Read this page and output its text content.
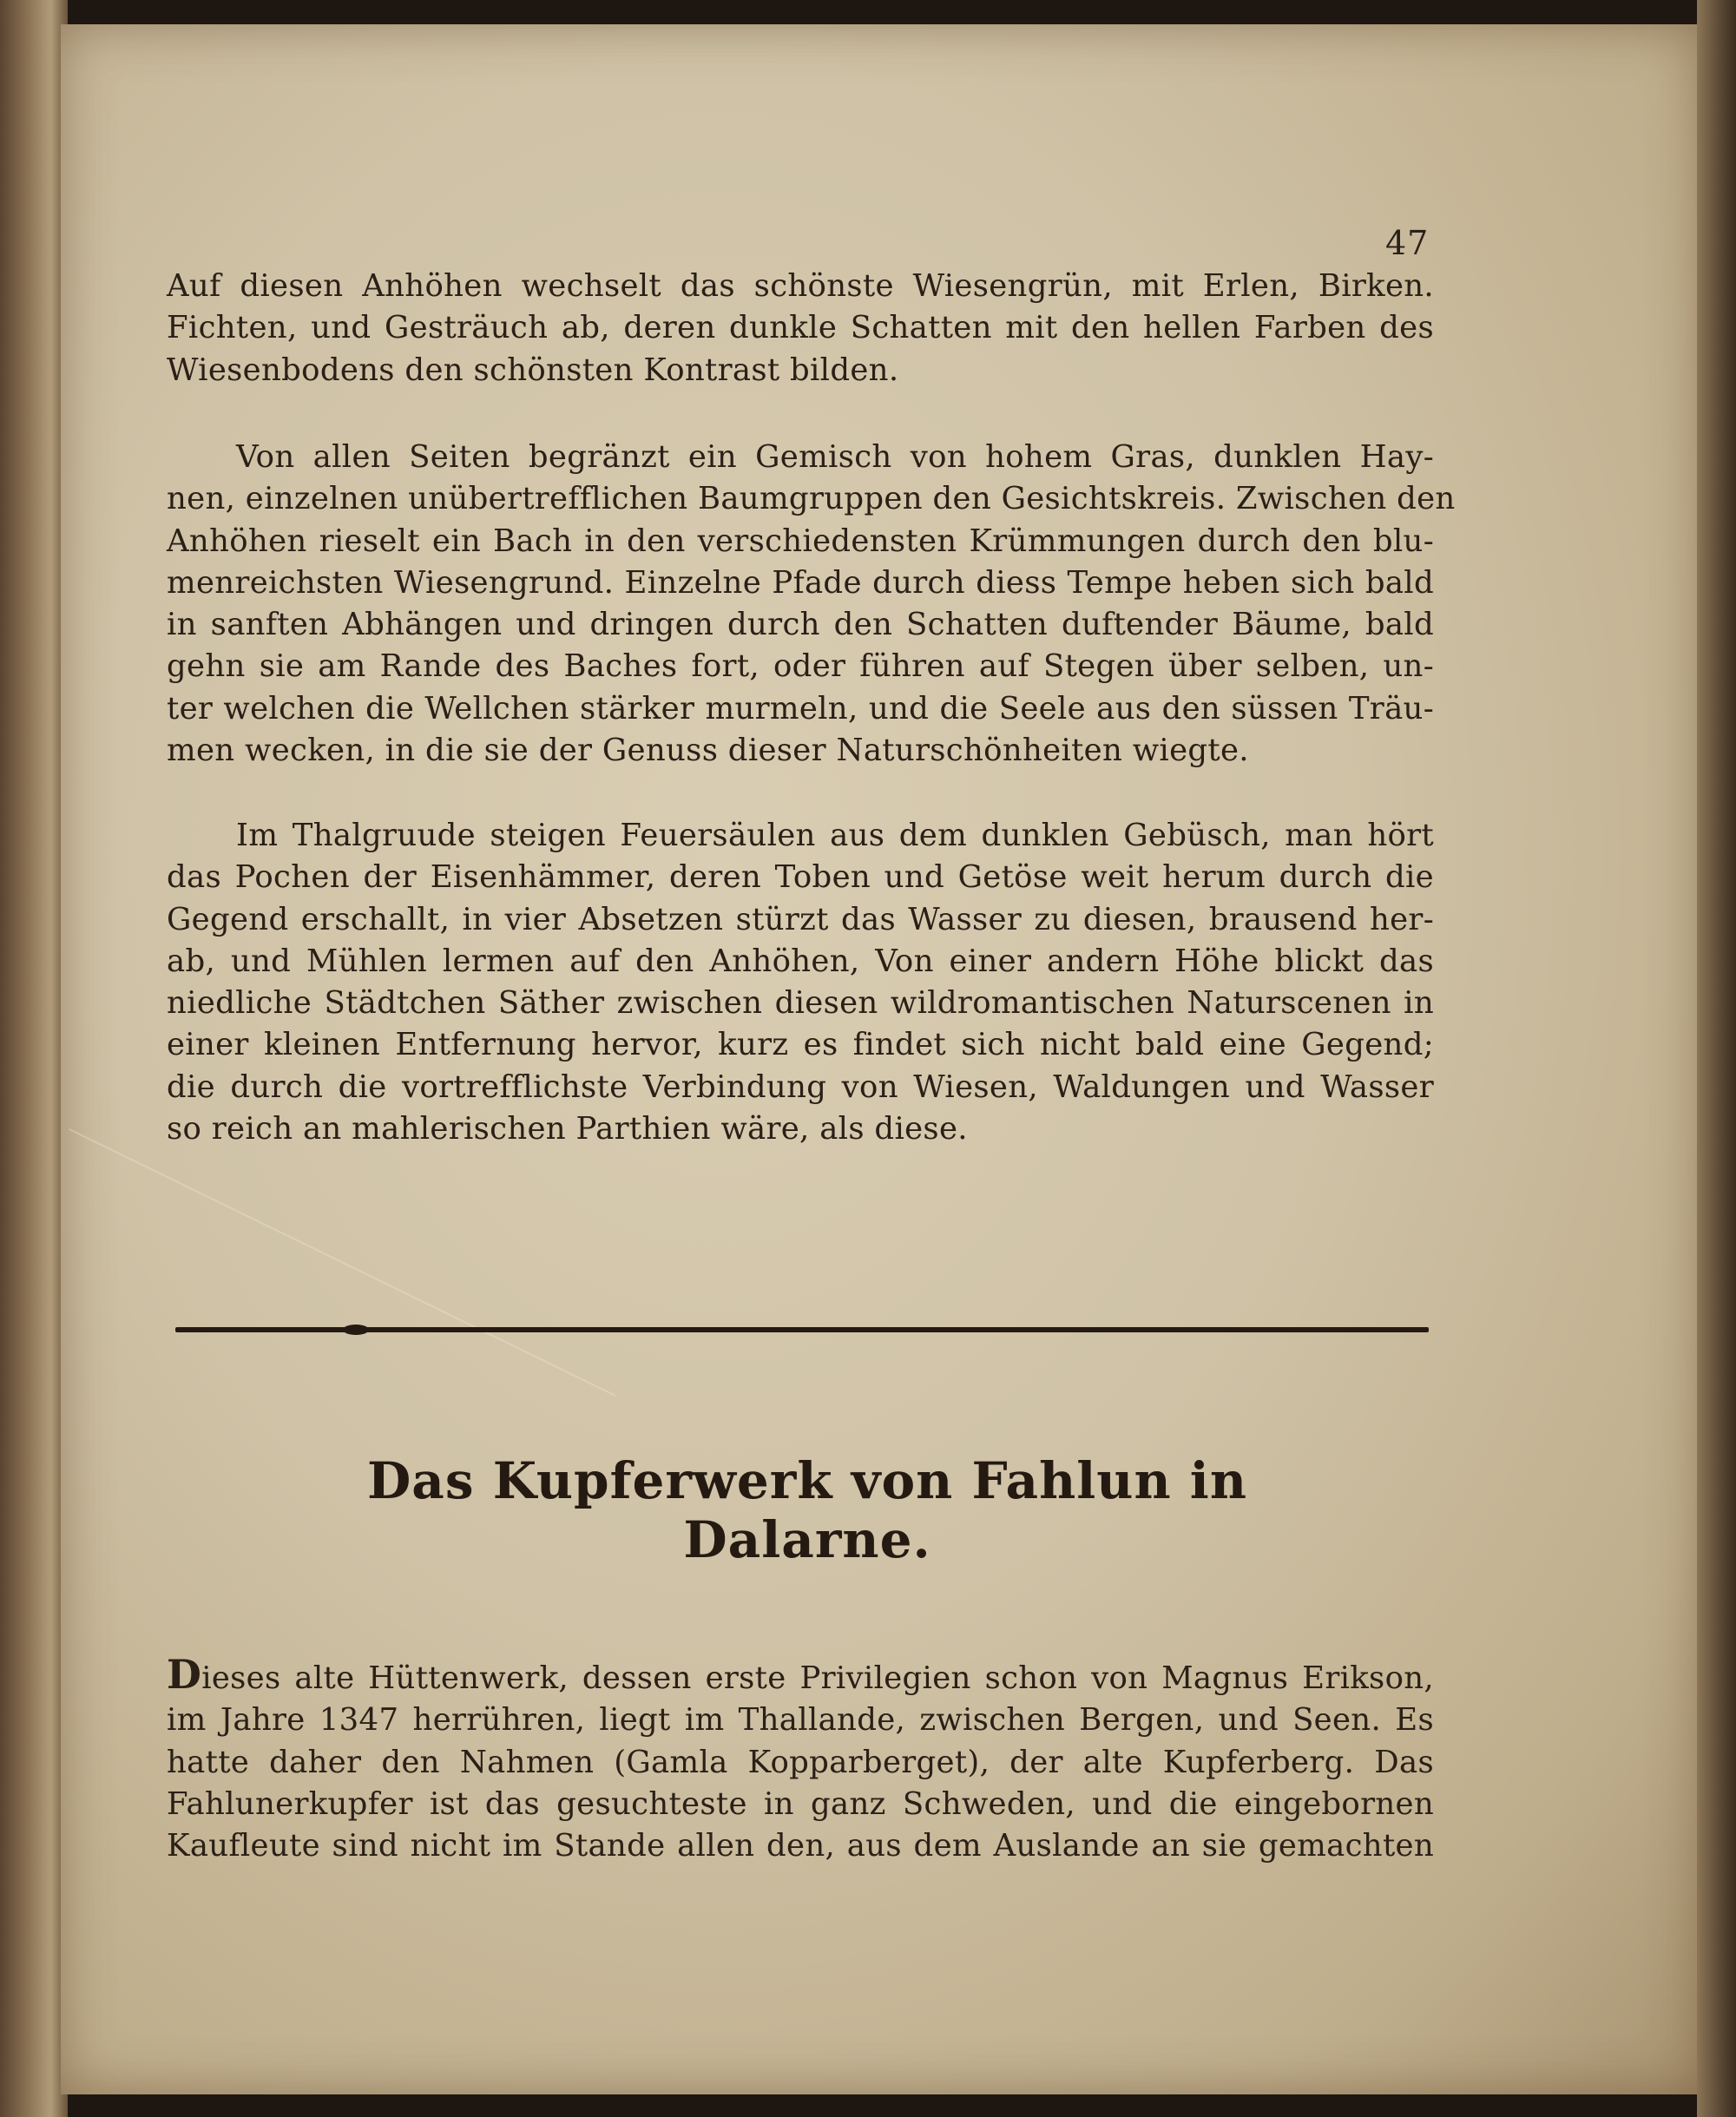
47
Auf diesen Anhöhen wechselt das schönste Wiesengrün, mit Erlen, Birken.
Fichten, und Gesträuch ab, deren dunkle Schatten mit den hellen Farben des
Wiesenbodens den schönsten Kontrast bilden.
Von allen Seiten begränzt ein Gemisch von hohem Gras, dunklen Hay-
nen, einzelnen unübertrefflichen Baumgruppen den Gesichtskreis. Zwischen den
Anhöhen rieselt ein Bach in den verschiedensten Krümmungen durch den blu-
menreichsten Wiesengrund. Einzelne Pfade durch diess Tempe heben sich bald
in sanften Abhängen und dringen durch den Schatten duftender Bäume, bald
gehn sie am Rande des Baches fort, oder führen auf Stegen über selben, un-
ter welchen die Wellchen stärker murmeln, und die Seele aus den süssen Träu-
men wecken, in die sie der Genuss dieser Naturschönheiten wiegte.
Im Thalgruude steigen Feuersäulen aus dem dunklen Gebüsch, man hört
das Pochen der Eisenhämmer, deren Toben und Getöse weit herum durch die
Gegend erschallt, in vier Absetzen stürzt das Wasser zu diesen, brausend her-
ab, und Mühlen lermen auf den Anhöhen, Von einer andern Höhe blickt das
niedliche Städtchen Säther zwischen diesen wildromantischen Naturscenen in
einer kleinen Entfernung hervor, kurz es findet sich nicht bald eine Gegend;
die durch die vortrefflichste Verbindung von Wiesen, Waldungen und Wasser
so reich an mahlerischen Parthien wäre, als diese.
Das Kupferwerk von Fahlun in Dalarne.
Dieses alte Hüttenwerk, dessen erste Privilegien schon von Magnus Erikson,
im Jahre 1347 herrühren, liegt im Thallande, zwischen Bergen, und Seen. Es
hatte daher den Nahmen (Gamla Kopparberget), der alte Kupferberg. Das
Fahlunerkupfer ist das gesuchteste in ganz Schweden, und die eingebornen
Kaufleute sind nicht im Stande allen den, aus dem Auslande an sie gemachten
